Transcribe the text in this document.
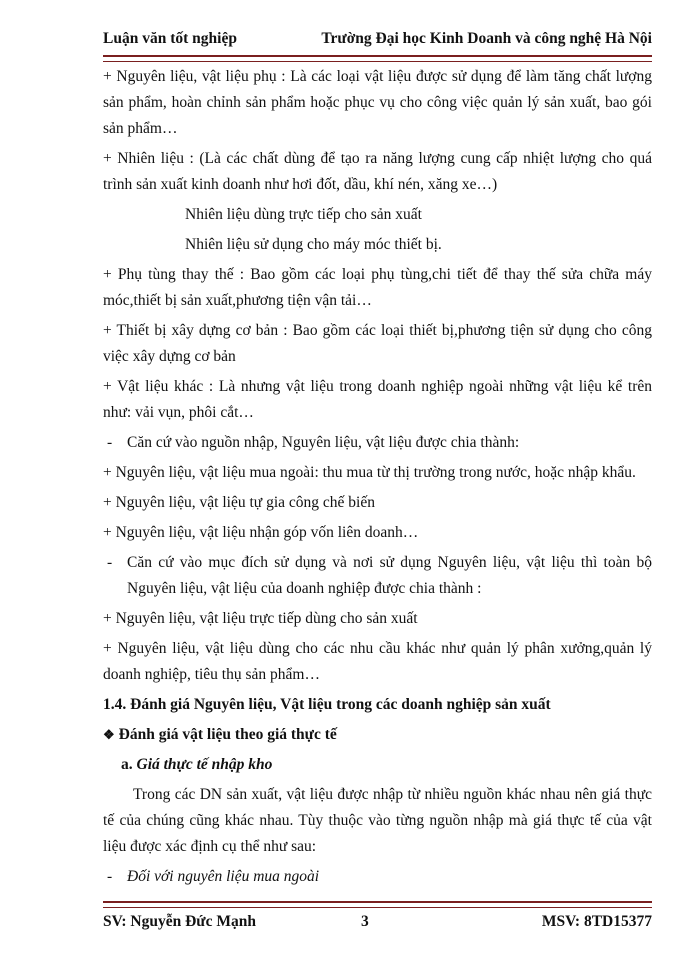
Luận văn tốt nghiệp	Trường Đại học Kinh Doanh và công nghệ Hà Nội

+ Nguyên liệu, vật liệu phụ : Là các loại vật liệu được sử dụng để làm tăng chất lượng sản phẩm, hoàn chỉnh sản phẩm hoặc phục vụ cho công việc quản lý sản xuất, bao gói sản phẩm…

+ Nhiên liệu : (Là các chất dùng để tạo ra năng lượng cung cấp nhiệt lượng cho quá trình sản xuất kinh doanh như hơi đốt, dầu, khí nén, xăng xe…)

Nhiên liệu dùng trực tiếp cho sản xuất

Nhiên liệu sử dụng cho máy móc thiết bị.

+ Phụ tùng thay thế : Bao gồm các loại phụ tùng,chi tiết để thay thế sửa chữa máy móc,thiết bị sản xuất,phương tiện vận tải…

+ Thiết bị xây dựng cơ bản : Bao gồm các loại thiết bị,phương tiện sử dụng cho công việc xây dựng cơ bản

+ Vật liệu khác : Là nhưng vật liệu trong doanh nghiệp ngoài những vật liệu kể trên như: vải vụn, phôi cắt…

- Căn cứ vào nguồn nhập, Nguyên liệu, vật liệu được chia thành:

+ Nguyên liệu, vật liệu mua ngoài: thu mua từ thị trường trong nước, hoặc nhập khẩu.

+ Nguyên liệu, vật liệu tự gia công chế biến

+ Nguyên liệu, vật liệu nhận góp vốn liên doanh…

- Căn cứ vào mục đích sử dụng và nơi sử dụng Nguyên liệu, vật liệu thì toàn bộ Nguyên liệu, vật liệu của doanh nghiệp được chia thành :

+ Nguyên liệu, vật liệu trực tiếp dùng cho sản xuất

+ Nguyên liệu, vật liệu dùng cho các nhu cầu khác như quản lý phân xưởng,quản lý doanh nghiệp, tiêu thụ sản phẩm…

1.4. Đánh giá Nguyên liệu, Vật liệu trong các doanh nghiệp sản xuất

❖ Đánh giá vật liệu theo giá thực tế

a. Giá thực tế nhập kho

Trong các DN sản xuất, vật liệu được nhập từ nhiều nguồn khác nhau nên giá thực tế của chúng cũng khác nhau. Tùy thuộc vào từng nguồn nhập mà giá thực tế của vật liệu được xác định cụ thể như sau:

- Đối với nguyên liệu mua ngoài

SV: Nguyễn Đức Mạnh	3	MSV: 8TD15377
